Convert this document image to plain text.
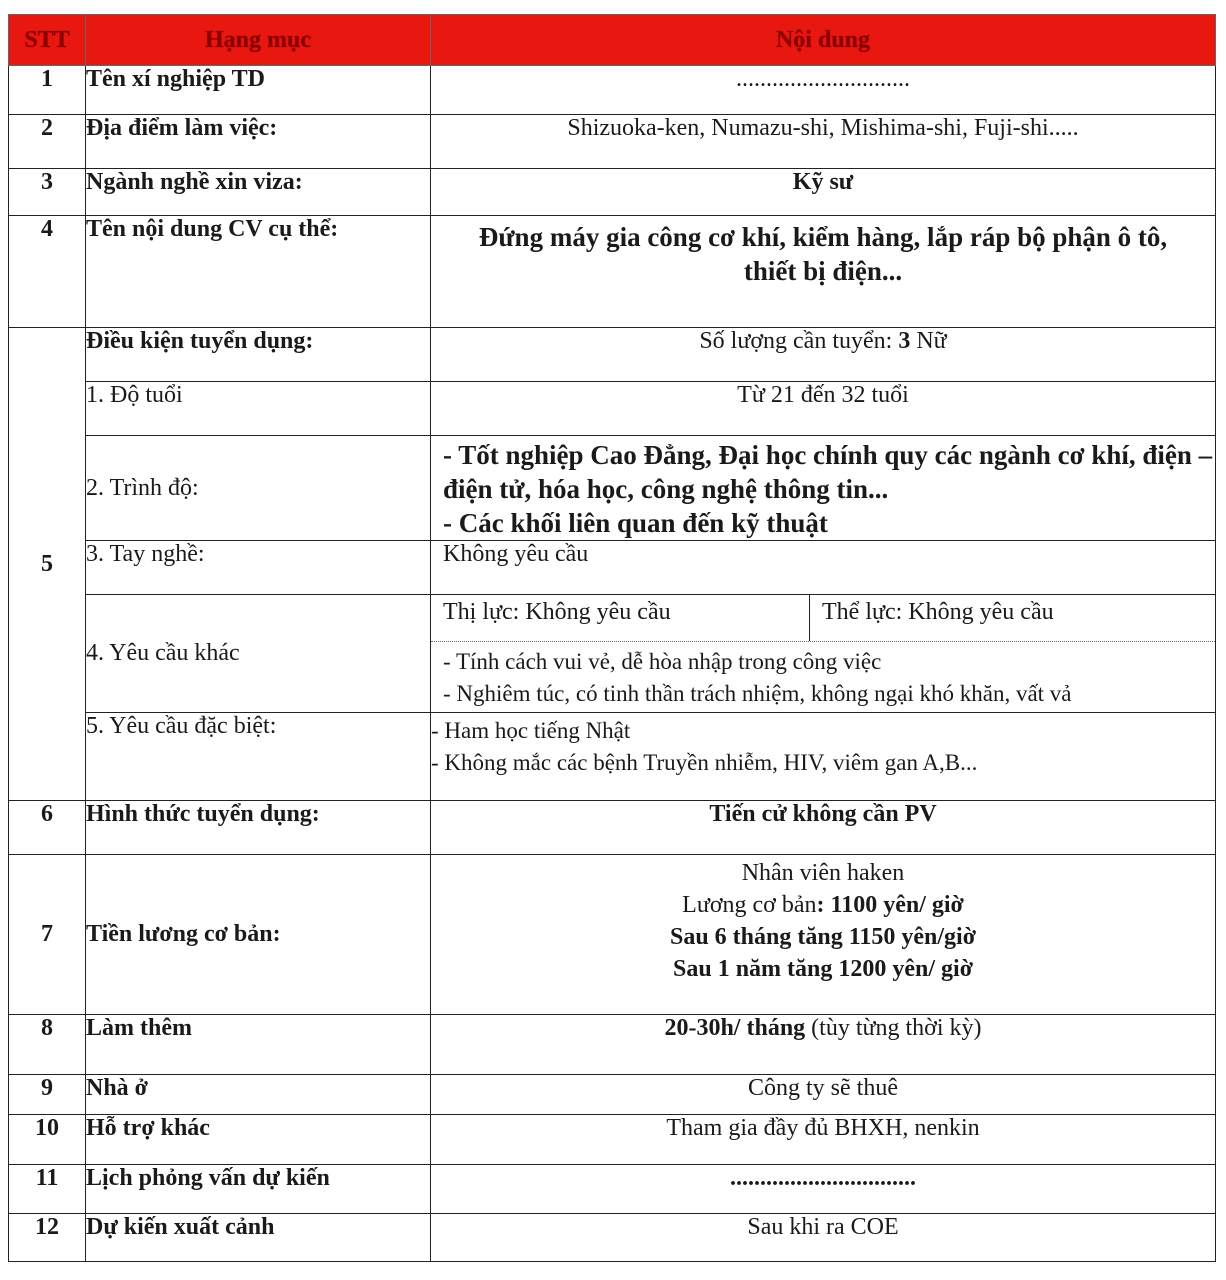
STT	Hạng mục	Nội dung

1	Tên xí nghiệp TD	.............................
2	Địa điểm làm việc:	Shizuoka-ken, Numazu-shi, Mishima-shi, Fuji-shi.....
3	Ngành nghề xin viza:	Kỹ sư
4	Tên nội dung CV cụ thể:	Đứng máy gia công cơ khí, kiểm hàng, lắp ráp bộ phận ô tô, thiết bị điện...
5	Điều kiện tuyển dụng:	Số lượng cần tuyển: 3 Nữ
	1. Độ tuổi	Từ 21 đến 32 tuổi
	2. Trình độ:	- Tốt nghiệp Cao Đẳng, Đại học chính quy các ngành cơ khí, điện – điện tử, hóa học, công nghệ thông tin...
- Các khối liên quan đến kỹ thuật

	3. Tay nghề:	Không yêu cầu
	4. Yêu cầu khác	Thị lực: Không yêu cầu Thể lực: Không yêu cầu
- Tính cách vui vẻ, dễ hòa nhập trong công việc
- Nghiêm túc, có tinh thần trách nhiệm, không ngại khó khăn, vất vả

	5. Yêu cầu đặc biệt:	- Ham học tiếng Nhật
- Không mắc các bệnh Truyền nhiễm, HIV, viêm gan A,B...

6	Hình thức tuyển dụng:	Tiến cử không cần PV
7	Tiền lương cơ bản:	Nhân viên haken
Lương cơ bản: 1100 yên/ giờ
Sau 6 tháng tăng 1150 yên/giờ
Sau 1 năm tăng 1200 yên/ giờ

8	Làm thêm	20-30h/ tháng (tùy từng thời kỳ)
9	Nhà ở	Công ty sẽ thuê
10	Hỗ trợ khác	Tham gia đầy đủ BHXH, nenkin
11	Lịch phỏng vấn dự kiến	...............................
12	Dự kiến xuất cảnh	Sau khi ra COE
